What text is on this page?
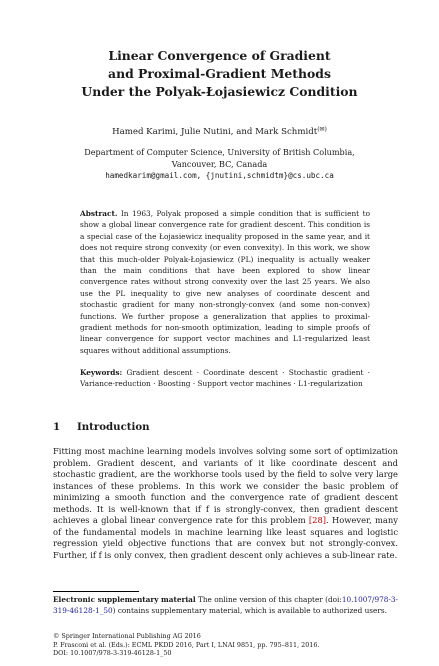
Linear Convergence of Gradient
and Proximal-Gradient Methods
Under the Polyak-Łojasiewicz Condition
Hamed Karimi, Julie Nutini, and Mark Schmidt(✉)
Department of Computer Science, University of British Columbia,
Vancouver, BC, Canada
hamedkarim@gmail.com, {jnutini,schmidtm}@cs.ubc.ca
Abstract. In 1963, Polyak proposed a simple condition that is sufficient to show a global linear convergence rate for gradient descent. This condition is a special case of the Łojasiewicz inequality proposed in the same year, and it does not require strong convexity (or even convexity). In this work, we show that this much-older Polyak-Łojasiewicz (PL) inequality is actually weaker than the main conditions that have been explored to show linear convergence rates without strong convexity over the last 25 years. We also use the PL inequality to give new analyses of coordinate descent and stochastic gradient for many non-strongly-convex (and some non-convex) functions. We further propose a generalization that applies to proximal-gradient methods for non-smooth optimization, leading to simple proofs of linear convergence for support vector machines and L1-regularized least squares without additional assumptions.
Keywords: Gradient descent · Coordinate descent · Stochastic gradient · Variance-reduction · Boosting · Support vector machines · L1-regularization
1 Introduction
Fitting most machine learning models involves solving some sort of optimization problem. Gradient descent, and variants of it like coordinate descent and stochastic gradient, are the workhorse tools used by the field to solve very large instances of these problems. In this work we consider the basic problem of minimizing a smooth function and the convergence rate of gradient descent methods. It is well-known that if f is strongly-convex, then gradient descent achieves a global linear convergence rate for this problem [28]. However, many of the fundamental models in machine learning like least squares and logistic regression yield objective functions that are convex but not strongly-convex. Further, if f is only convex, then gradient descent only achieves a sub-linear rate.
Electronic supplementary material The online version of this chapter (doi:10.1007/978-3-319-46128-1_50) contains supplementary material, which is available to authorized users.
© Springer International Publishing AG 2016
P. Frasconi et al. (Eds.): ECML PKDD 2016, Part I, LNAI 9851, pp. 795–811, 2016.
DOI: 10.1007/978-3-319-46128-1_50
